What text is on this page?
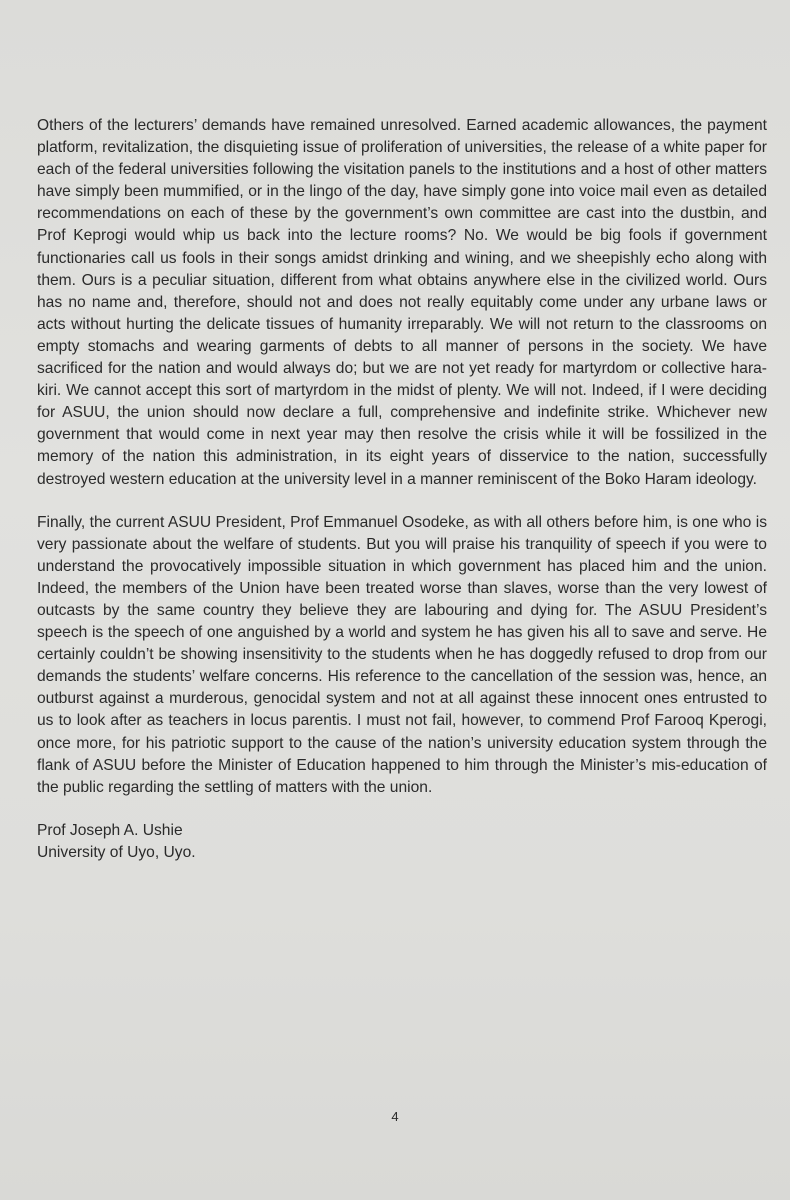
Others of the lecturers’ demands have remained unresolved. Earned academic allowances, the payment platform, revitalization, the disquieting issue of proliferation of universities, the release of a white paper for each of the federal universities following the visitation panels to the institutions and a host of other matters have simply been mummified, or in the lingo of the day, have simply gone into voice mail even as detailed recommendations on each of these by the government’s own committee are cast into the dustbin, and Prof Keprogi would whip us back into the lecture rooms? No. We would be big fools if government functionaries call us fools in their songs amidst drinking and wining, and we sheepishly echo along with them. Ours is a peculiar situation, different from what obtains anywhere else in the civilized world. Ours has no name and, therefore, should not and does not really equitably come under any urbane laws or acts without hurting the delicate tissues of humanity irreparably. We will not return to the classrooms on empty stomachs and wearing garments of debts to all manner of persons in the society. We have sacrificed for the nation and would always do; but we are not yet ready for martyrdom or collective hara-kiri. We cannot accept this sort of martyrdom in the midst of plenty. We will not. Indeed, if I were deciding for ASUU, the union should now declare a full, comprehensive and indefinite strike. Whichever new government that would come in next year may then resolve the crisis while it will be fossilized in the memory of the nation this administration, in its eight years of disservice to the nation, successfully destroyed western education at the university level in a manner reminiscent of the Boko Haram ideology.

Finally, the current ASUU President, Prof Emmanuel Osodeke, as with all others before him, is one who is very passionate about the welfare of students. But you will praise his tranquility of speech if you were to understand the provocatively impossible situation in which government has placed him and the union. Indeed, the members of the Union have been treated worse than slaves, worse than the very lowest of outcasts by the same country they believe they are labouring and dying for. The ASUU President’s speech is the speech of one anguished by a world and system he has given his all to save and serve. He certainly couldn’t be showing insensitivity to the students when he has doggedly refused to drop from our demands the students’ welfare concerns. His reference to the cancellation of the session was, hence, an outburst against a murderous, genocidal system and not at all against these innocent ones entrusted to us to look after as teachers in locus parentis. I must not fail, however, to commend Prof Farooq Kperogi, once more, for his patriotic support to the cause of the nation’s university education system through the flank of ASUU before the Minister of Education happened to him through the Minister’s mis-education of the public regarding the settling of matters with the union.

Prof Joseph A. Ushie
University of Uyo, Uyo.

4
